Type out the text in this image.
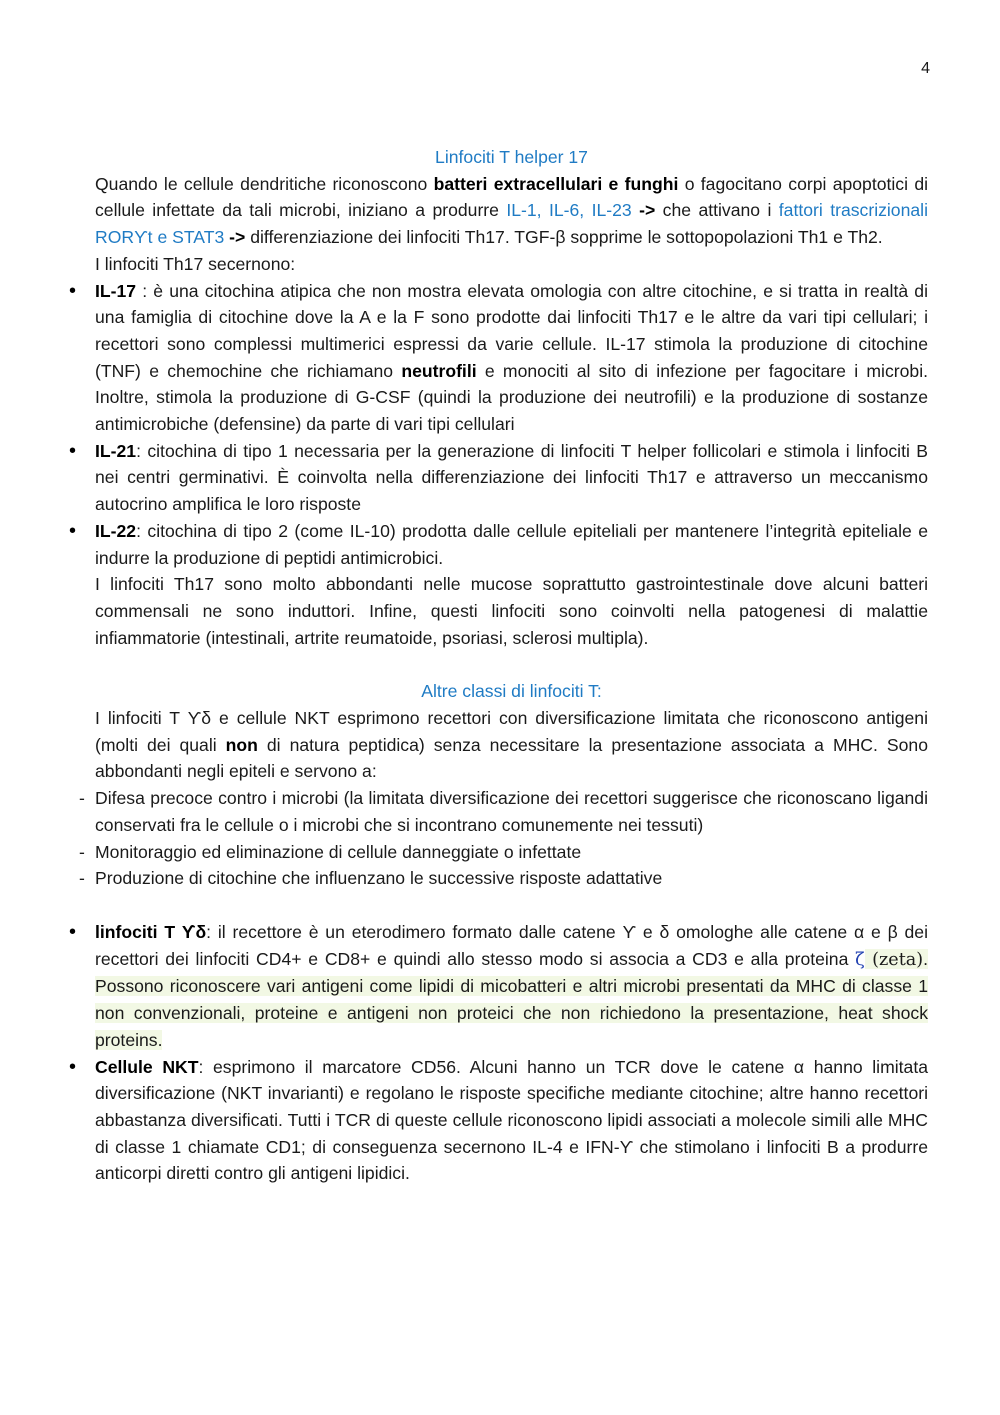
4
Linfociti T helper 17

Quando le cellule dendritiche riconoscono batteri extracellulari e funghi o fagocitano corpi apoptotici di cellule infettate da tali microbi, iniziano a produrre IL-1, IL-6, IL-23 -> che attivano i fattori trascrizionali RORϒt e STAT3 -> differenziazione dei linfociti Th17. TGF-β sopprime le sottopopolazioni Th1 e Th2.

I linfociti Th17 secernono:

• IL-17 : è una citochina atipica che non mostra elevata omologia con altre citochine, e si tratta in realtà di una famiglia di citochine dove la A e la F sono prodotte dai linfociti Th17 e le altre da vari tipi cellulari; i recettori sono complessi multimerici espressi da varie cellule. IL-17 stimola la produzione di citochine (TNF) e chemochine che richiamano neutrofili e monociti al sito di infezione per fagocitare i microbi. Inoltre, stimola la produzione di G-CSF (quindi la produzione dei neutrofili) e la produzione di sostanze antimicrobiche (defensine) da parte di vari tipi cellulari
• IL-21: citochina di tipo 1 necessaria per la generazione di linfociti T helper follicolari e stimola i linfociti B nei centri germinativi. È coinvolta nella differenziazione dei linfociti Th17 e attraverso un meccanismo autocrino amplifica le loro risposte
• IL-22: citochina di tipo 2 (come IL-10) prodotta dalle cellule epiteliali per mantenere l’integrità epiteliale e indurre la produzione di peptidi antimicrobici.

I linfociti Th17 sono molto abbondanti nelle mucose soprattutto gastrointestinale dove alcuni batteri commensali ne sono induttori. Infine, questi linfociti sono coinvolti nella patogenesi di malattie infiammatorie (intestinali, artrite reumatoide, psoriasi, sclerosi multipla).

Altre classi di linfociti T:

I linfociti T ϒδ e cellule NKT esprimono recettori con diversificazione limitata che riconoscono antigeni (molti dei quali non di natura peptidica) senza necessitare la presentazione associata a MHC. Sono abbondanti negli epiteli e servono a:

- Difesa precoce contro i microbi (la limitata diversificazione dei recettori suggerisce che riconoscano ligandi conservati fra le cellule o i microbi che si incontrano comunemente nei tessuti)
- Monitoraggio ed eliminazione di cellule danneggiate o infettate
- Produzione di citochine che influenzano le successive risposte adattative
• linfociti T ϒδ: il recettore è un eterodimero formato dalle catene ϒ e δ omologhe alle catene α e β dei recettori dei linfociti CD4+ e CD8+ e quindi allo stesso modo si associa a CD3 e alla proteina ζ (zeta). Possono riconoscere vari antigeni come lipidi di micobatteri e altri microbi presentati da MHC di classe 1 non convenzionali, proteine e antigeni non proteici che non richiedono la presentazione, heat shock proteins.
• Cellule NKT: esprimono il marcatore CD56. Alcuni hanno un TCR dove le catene α hanno limitata diversificazione (NKT invarianti) e regolano le risposte specifiche mediante citochine; altre hanno recettori abbastanza diversificati. Tutti i TCR di queste cellule riconoscono lipidi associati a molecole simili alle MHC di classe 1 chiamate CD1; di conseguenza secernono IL-4 e IFN-ϒ che stimolano i linfociti B a produrre anticorpi diretti contro gli antigeni lipidici.
